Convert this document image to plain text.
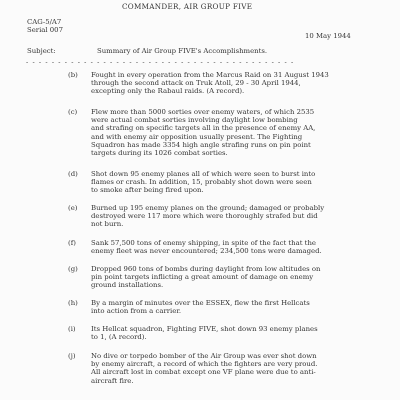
COMMANDER, AIR GROUP FIVE
CAG-5/A7
Serial 007
10 May 1944
Subject:	Summary of Air Group FIVE's Accomplishments.
- - - - - - - - - - - - - - - - - - - - - - - - - - - - - - - - - - - - - - - - - -
(b)	Fought in every operation from the Marcus Raid on 31 August 1943
through the second attack on Truk Atoll, 29 - 30 April 1944,
excepting only the Rabaul raids. (A record).
(c)	Flew more than 5000 sorties over enemy waters, of which 2535
were actual combat sorties involving daylight low bombing
and strafing on specific targets all in the presence of enemy AA,
and with enemy air opposition usually present. The Fighting
Squadron has made 3354 high angle strafing runs on pin point
targets during its 1026 combat sorties.
(d)	Shot down 95 enemy planes all of which were seen to burst into
flames or crash. In addition, 15, probably shot down were seen
to smoke after being fired upon.
(e)	Burned up 195 enemy planes on the ground; damaged or probably
destroyed were 117 more which were thoroughly strafed but did
not burn.
(f)	Sank 57,500 tons of enemy shipping, in spite of the fact that the
enemy fleet was never encountered; 234,500 tons were damaged.
(g)	Dropped 960 tons of bombs during daylight from low altitudes on
pin point targets inflicting a great amount of damage on enemy
ground installations.
(h)	By a margin of minutes over the ESSEX, flew the first Hellcats
into action from a carrier.
(i)	Its Hellcat squadron, Fighting FIVE, shot down 93 enemy planes
to 1, (A record).
(j)	No dive or torpedo bomber of the Air Group was ever shot down
by enemy aircraft, a record of which the fighters are very proud.
All aircraft lost in combat except one VF plane were due to anti-
aircraft fire.
